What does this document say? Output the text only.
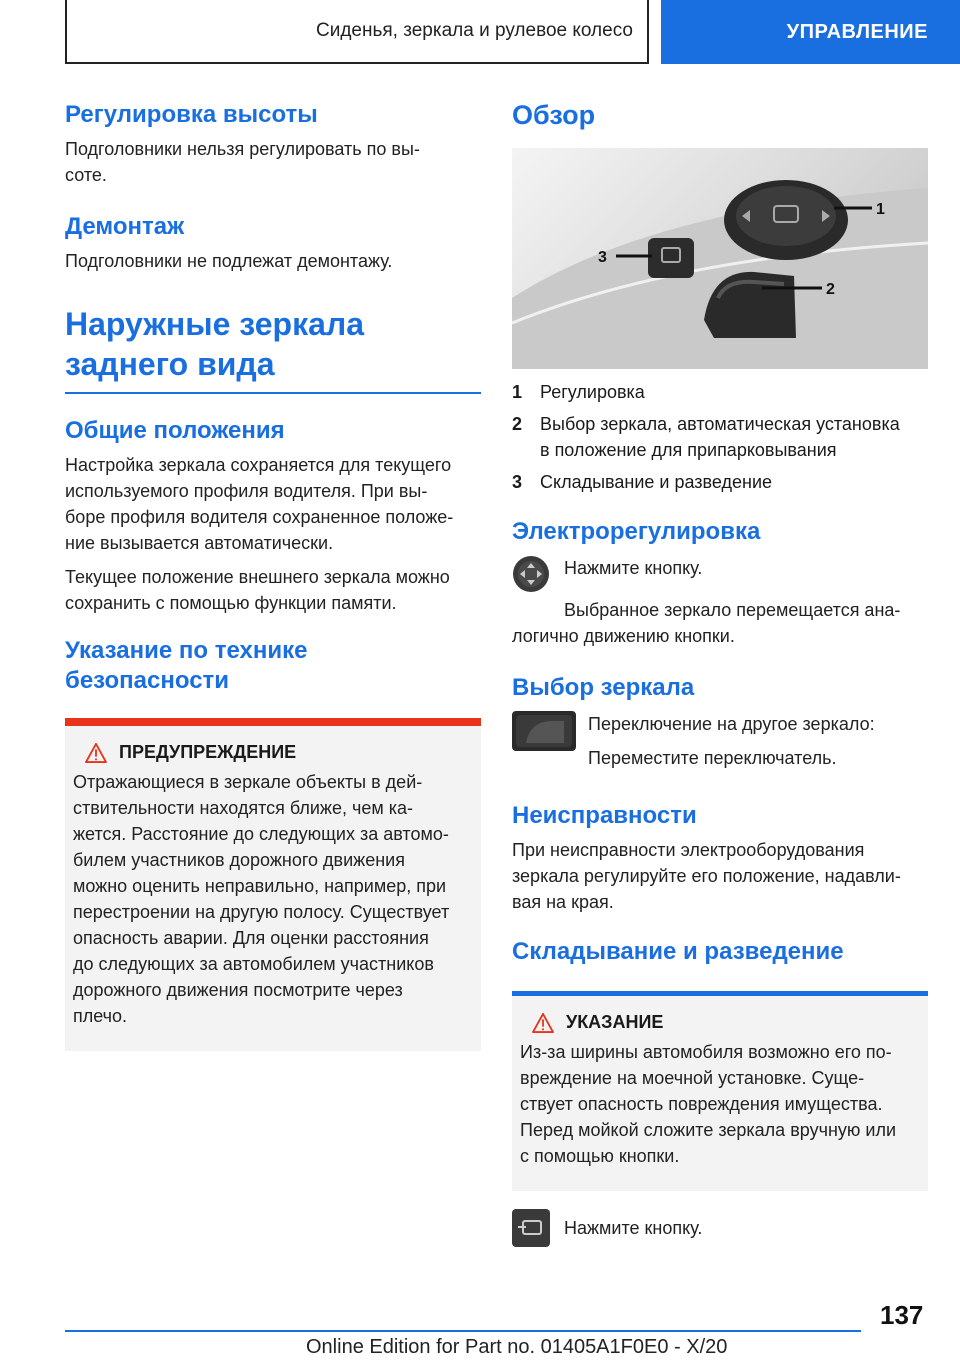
Сиденья, зеркала и рулевое колесо	УПРАВЛЕНИЕ
Регулировка высоты

Подголовники нельзя регулировать по вы-
соте.

Демонтаж

Подголовники не подлежат демонтажу.

Наружные зеркала
заднего вида
Общие положения

Настройка зеркала сохраняется для текущего
используемого профиля водителя. При вы-
боре профиля водителя сохраненное положе-
ние вызывается автоматически.

Текущее положение внешнего зеркала можно
сохранить с помощью функции памяти.

Указание по технике
безопасности
ПРЕДУПРЕЖДЕНИЕ

Отражающиеся в зеркале объекты в дей-
ствительности находятся ближе, чем ка-
жется. Расстояние до следующих за автомо-
билем участников дорожного движения
можно оценить неправильно, например, при
перестроении на другую полосу. Существует
опасность аварии. Для оценки расстояния
до следующих за автомобилем участников
дорожного движения посмотрите через
плечо.

Обзор
1
2
3
1 Регулировка
2 Выбор зеркала, автоматическая установка
в положение для припарковывания
3 Складывание и разведение
Электрорегулировка

Нажмите кнопку.

Выбранное зеркало перемещается ана-
логично движению кнопки.

Выбор зеркала

Переключение на другое зеркало:

Переместите переключатель.

Неисправности

При неисправности электрооборудования
зеркала регулируйте его положение, надавли-
вая на края.

Складывание и разведение
УКАЗАНИЕ

Из-за ширины автомобиля возможно его по-
вреждение на моечной установке. Суще-
ствует опасность повреждения имущества.
Перед мойкой сложите зеркала вручную или
с помощью кнопки.

Нажмите кнопку.

137
Online Edition for Part no. 01405A1F0E0 - X/20
